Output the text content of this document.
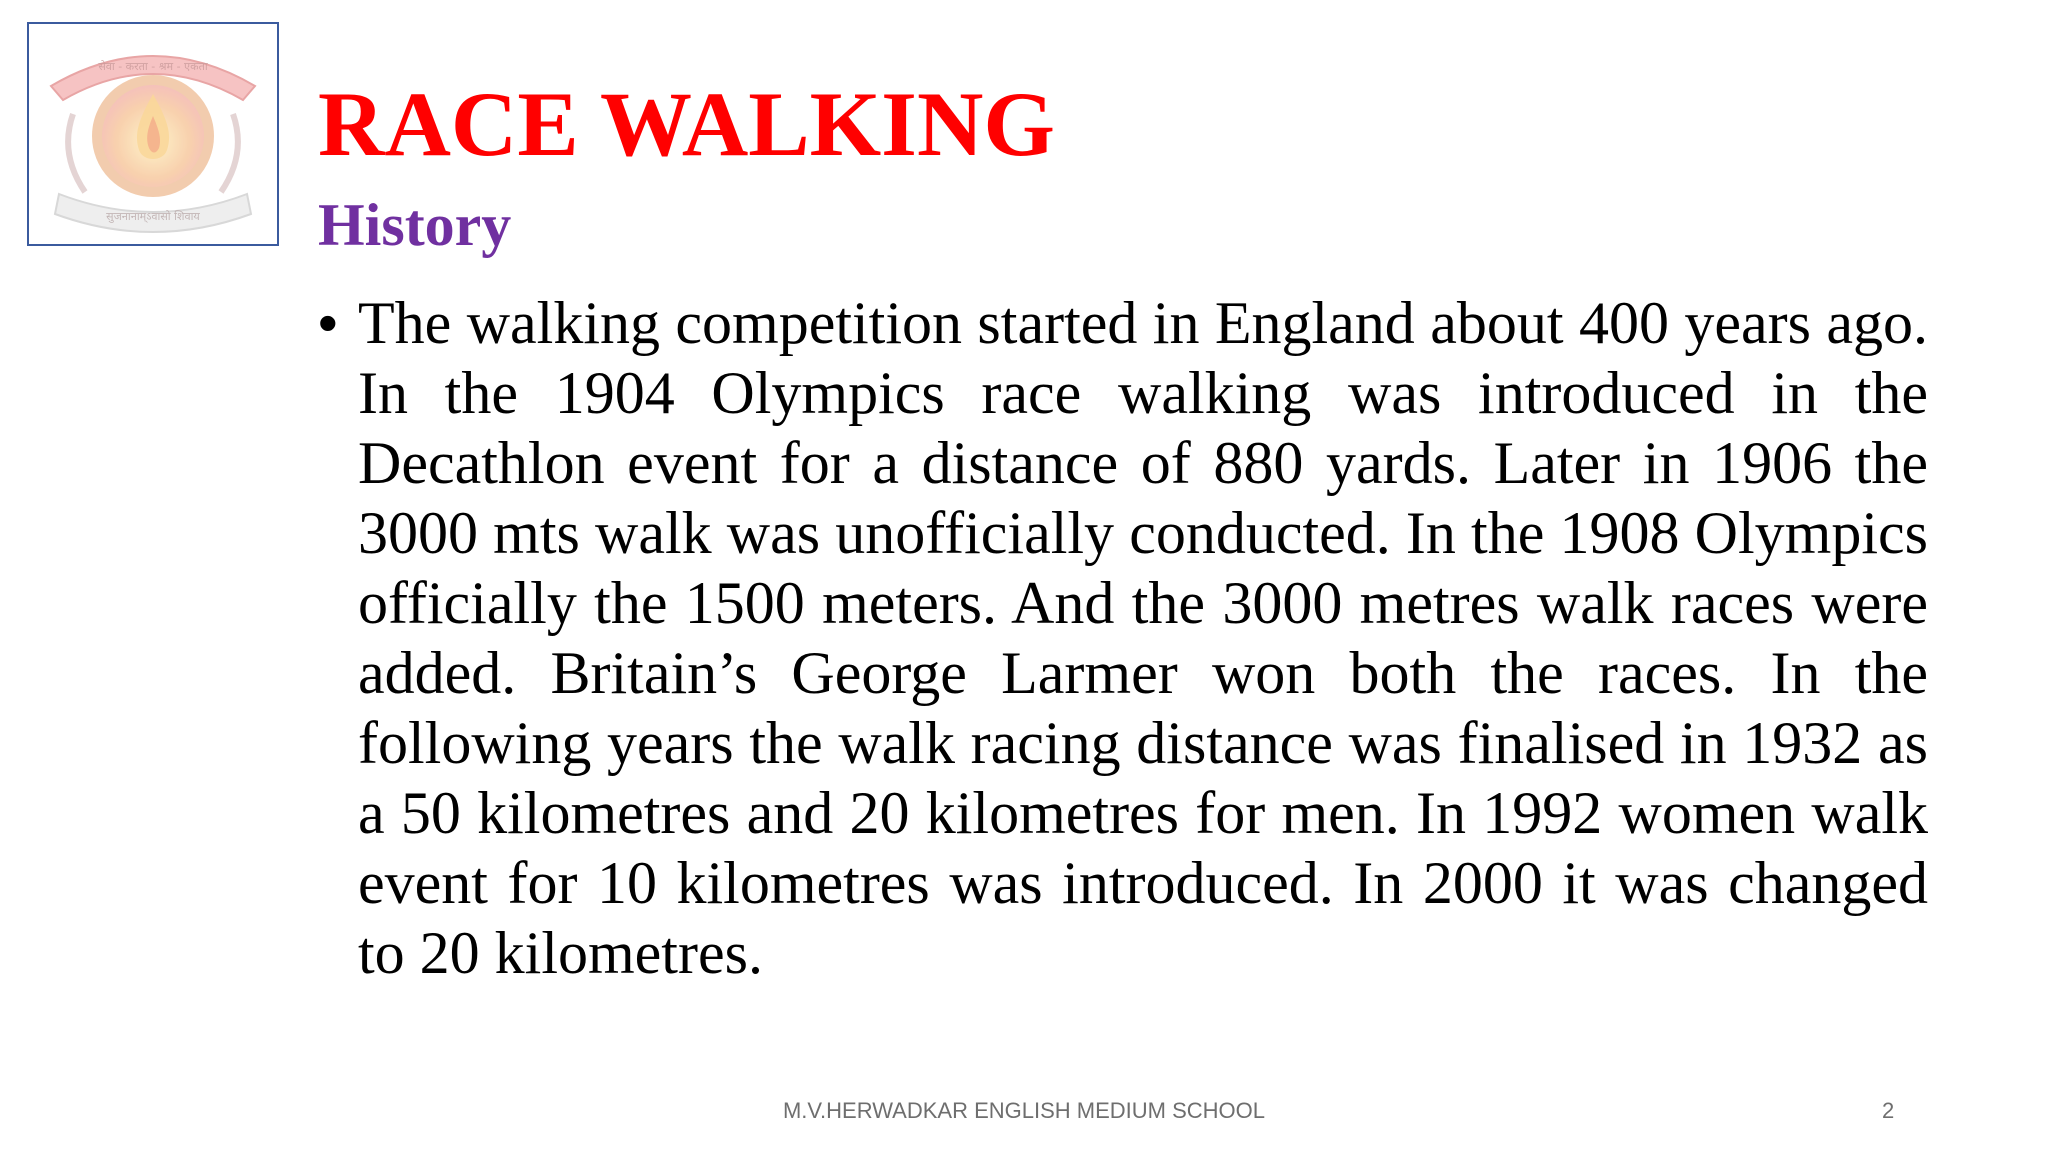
सेवा - करता - श्रम - एकता
सुजनानाम्ऽवासो शिवाय
RACE WALKING
History
• The walking competition started in England about 400 years ago. In the 1904 Olympics race walking was introduced in the Decathlon event for a distance of 880 yards. Later in 1906 the 3000 mts walk was unofficially conducted. In the 1908 Olympics officially the 1500 meters. And the 3000 metres walk races were added. Britain’s George Larmer won both the races. In the following years the walk racing distance was finalised in 1932 as a 50 kilometres and 20 kilometres for men. In 1992 women walk event for 10 kilometres was introduced. In 2000 it was changed to 20 kilometres.

M.V.HERWADKAR ENGLISH MEDIUM SCHOOL	2
